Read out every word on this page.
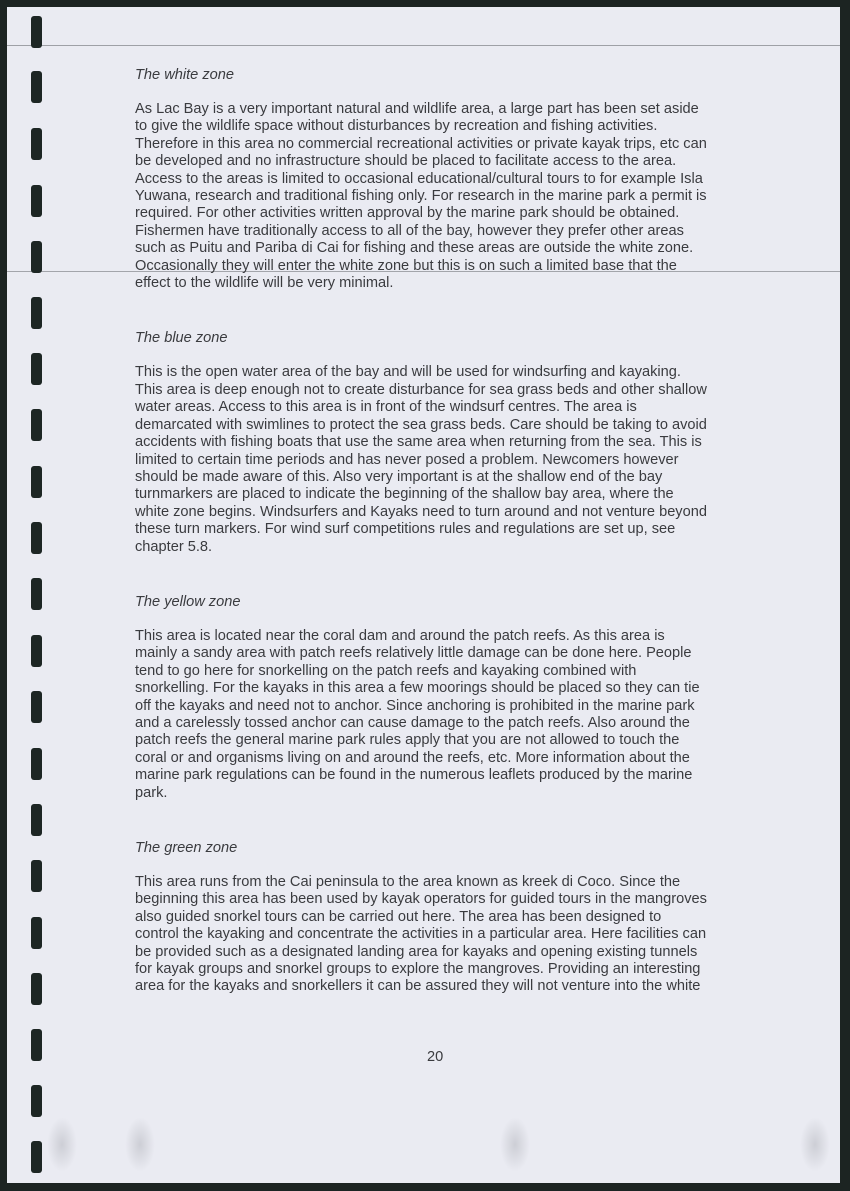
The white zone

As Lac Bay is a very important natural and wildlife area, a large part has been set aside
to give the wildlife space without disturbances by recreation and fishing activities.
Therefore in this area no commercial recreational activities or private kayak trips, etc can
be developed and no infrastructure should be placed to facilitate access to the area.
Access to the areas is limited to occasional educational/cultural tours to for example Isla
Yuwana, research and traditional fishing only. For research in the marine park a permit is
required. For other activities written approval by the marine park should be obtained.
Fishermen have traditionally access to all of the bay, however they prefer other areas
such as Puitu and Pariba di Cai for fishing and these areas are outside the white zone.
Occasionally they will enter the white zone but this is on such a limited base that the
effect to the wildlife will be very minimal.

The blue zone

This is the open water area of the bay and will be used for windsurfing and kayaking.
This area is deep enough not to create disturbance for sea grass beds and other shallow
water areas. Access to this area is in front of the windsurf centres. The area is
demarcated with swimlines to protect the sea grass beds. Care should be taking to avoid
accidents with fishing boats that use the same area when returning from the sea. This is
limited to certain time periods and has never posed a problem. Newcomers however
should be made aware of this. Also very important is at the shallow end of the bay
turnmarkers are placed to indicate the beginning of the shallow bay area, where the
white zone begins. Windsurfers and Kayaks need to turn around and not venture beyond
these turn markers. For wind surf competitions rules and regulations are set up, see
chapter 5.8.

The yellow zone

This area is located near the coral dam and around the patch reefs. As this area is
mainly a sandy area with patch reefs relatively little damage can be done here. People
tend to go here for snorkelling on the patch reefs and kayaking combined with
snorkelling. For the kayaks in this area a few moorings should be placed so they can tie
off the kayaks and need not to anchor. Since anchoring is prohibited in the marine park
and a carelessly tossed anchor can cause damage to the patch reefs. Also around the
patch reefs the general marine park rules apply that you are not allowed to touch the
coral or and organisms living on and around the reefs, etc. More information about the
marine park regulations can be found in the numerous leaflets produced by the marine
park.

The green zone

This area runs from the Cai peninsula to the area known as kreek di Coco. Since the
beginning this area has been used by kayak operators for guided tours in the mangroves
also guided snorkel tours can be carried out here. The area has been designed to
control the kayaking and concentrate the activities in a particular area. Here facilities can
be provided such as a designated landing area for kayaks and opening existing tunnels
for kayak groups and snorkel groups to explore the mangroves. Providing an interesting
area for the kayaks and snorkellers it can be assured they will not venture into the white

20
